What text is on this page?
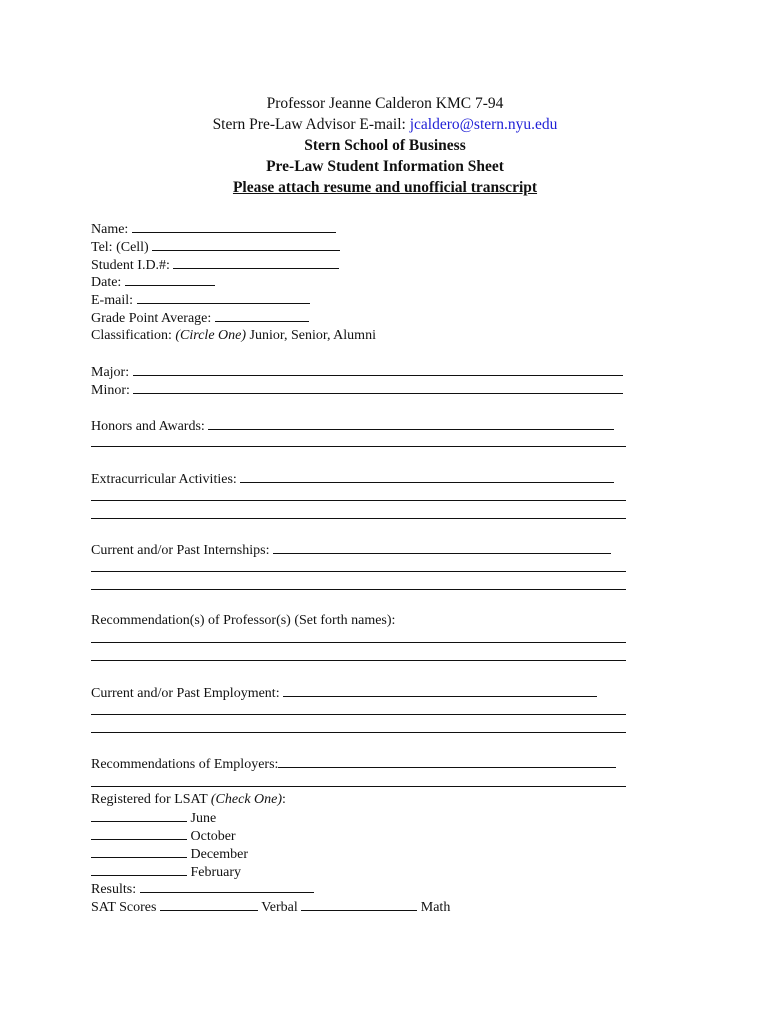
Professor Jeanne Calderon KMC 7-94
Stern Pre-Law Advisor E-mail: jcaldero@stern.nyu.edu
Stern School of Business
Pre-Law Student Information Sheet
Please attach resume and unofficial transcript
Name:
Tel: (Cell)
Student I.D.#:
Date:
E-mail:
Grade Point Average:
Classification: (Circle One) Junior, Senior, Alumni
Major:
Minor:
Honors and Awards:
Extracurricular Activities:
Current and/or Past Internships:
Recommendation(s) of Professor(s) (Set forth names):
Current and/or Past Employment:
Recommendations of Employers:
Registered for LSAT (Check One):
June
October
December
February
Results:
SAT Scores	Verbal	Math
